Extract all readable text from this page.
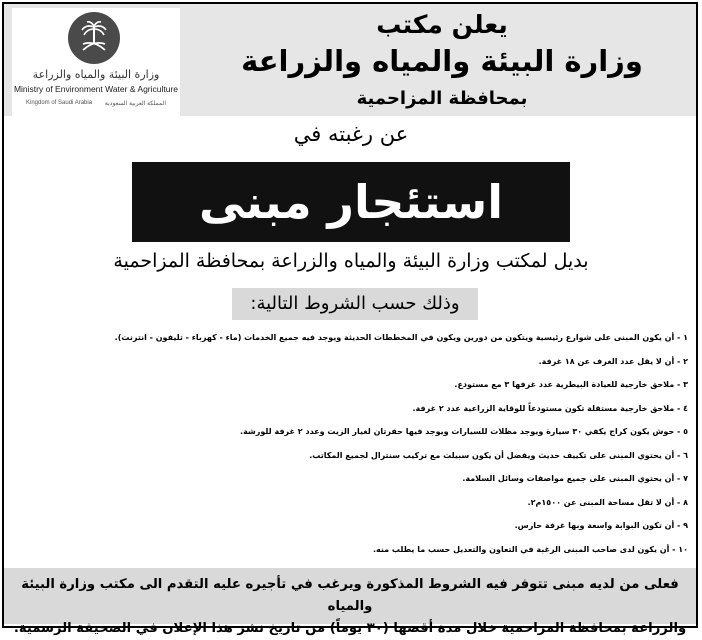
وزارة البيئة والمياه والزراعة
Ministry of Environment Water & Agriculture
Kingdom of Saudi Arabia المملكة العربية السعودية
يعلن مكتب
وزارة البيئة والمياه والزراعة
بمحافظة المزاحمية
عن رغبته في
استئجار مبنى
بديل لمكتب وزارة البيئة والمياه والزراعة بمحافظة المزاحمية
وذلك حسب الشروط التالية:
١ - أن يكون المبنى على شوارع رئيسية ويتكون من دورين ويكون في المخططات الحديثة ويوجد فيه جميع الخدمات (ماء - كهرباء - تليفون - انترنت).
٢ - أن لا يقل عدد الغرف عن ١٨ غرفة.
٣ - ملاحق خارجية للعيادة البيطرية عدد غرفها ٣ مع مستودع.
٤ - ملاحق خارجية مستقلة تكون مستودعاً للوقاية الزراعية عدد ٢ غرفة.
٥ - حوش يكون كراج يكفي ٣٠ سيارة ويوجد مظلات للسيارات ويوجد فيها حفرتان لغيار الزيت وعدد ٢ غرفة للورشة.
٦ - أن يحتوي المبنى على تكييف حديث ويفضل أن يكون سبيلت مع تركيب سنترال لجميع المكاتب.
٧ - أن يحتوي المبنى على جميع مواصفات وسائل السلامة.
٨ - أن لا تقل مساحة المبنى عن ١٥٠٠م٢.
٩ - أن تكون البوابة واسعة وبها غرفة حارس.
١٠ - أن يكون لدى صاحب المبنى الرغبة في التعاون والتعديل حسب ما يطلب منه.
فعلى من لديه مبنى تتوفر فيه الشروط المذكورة ويرغب في تأجيره عليه التقدم الى مكتب وزارة البيئة والمياه
والزراعة بمحافظة المزاحمية خلال مدة أقصها (٣٠ يوماً) من تاريخ نشر هذا الإعلان في الصحيفة الرسمية.
